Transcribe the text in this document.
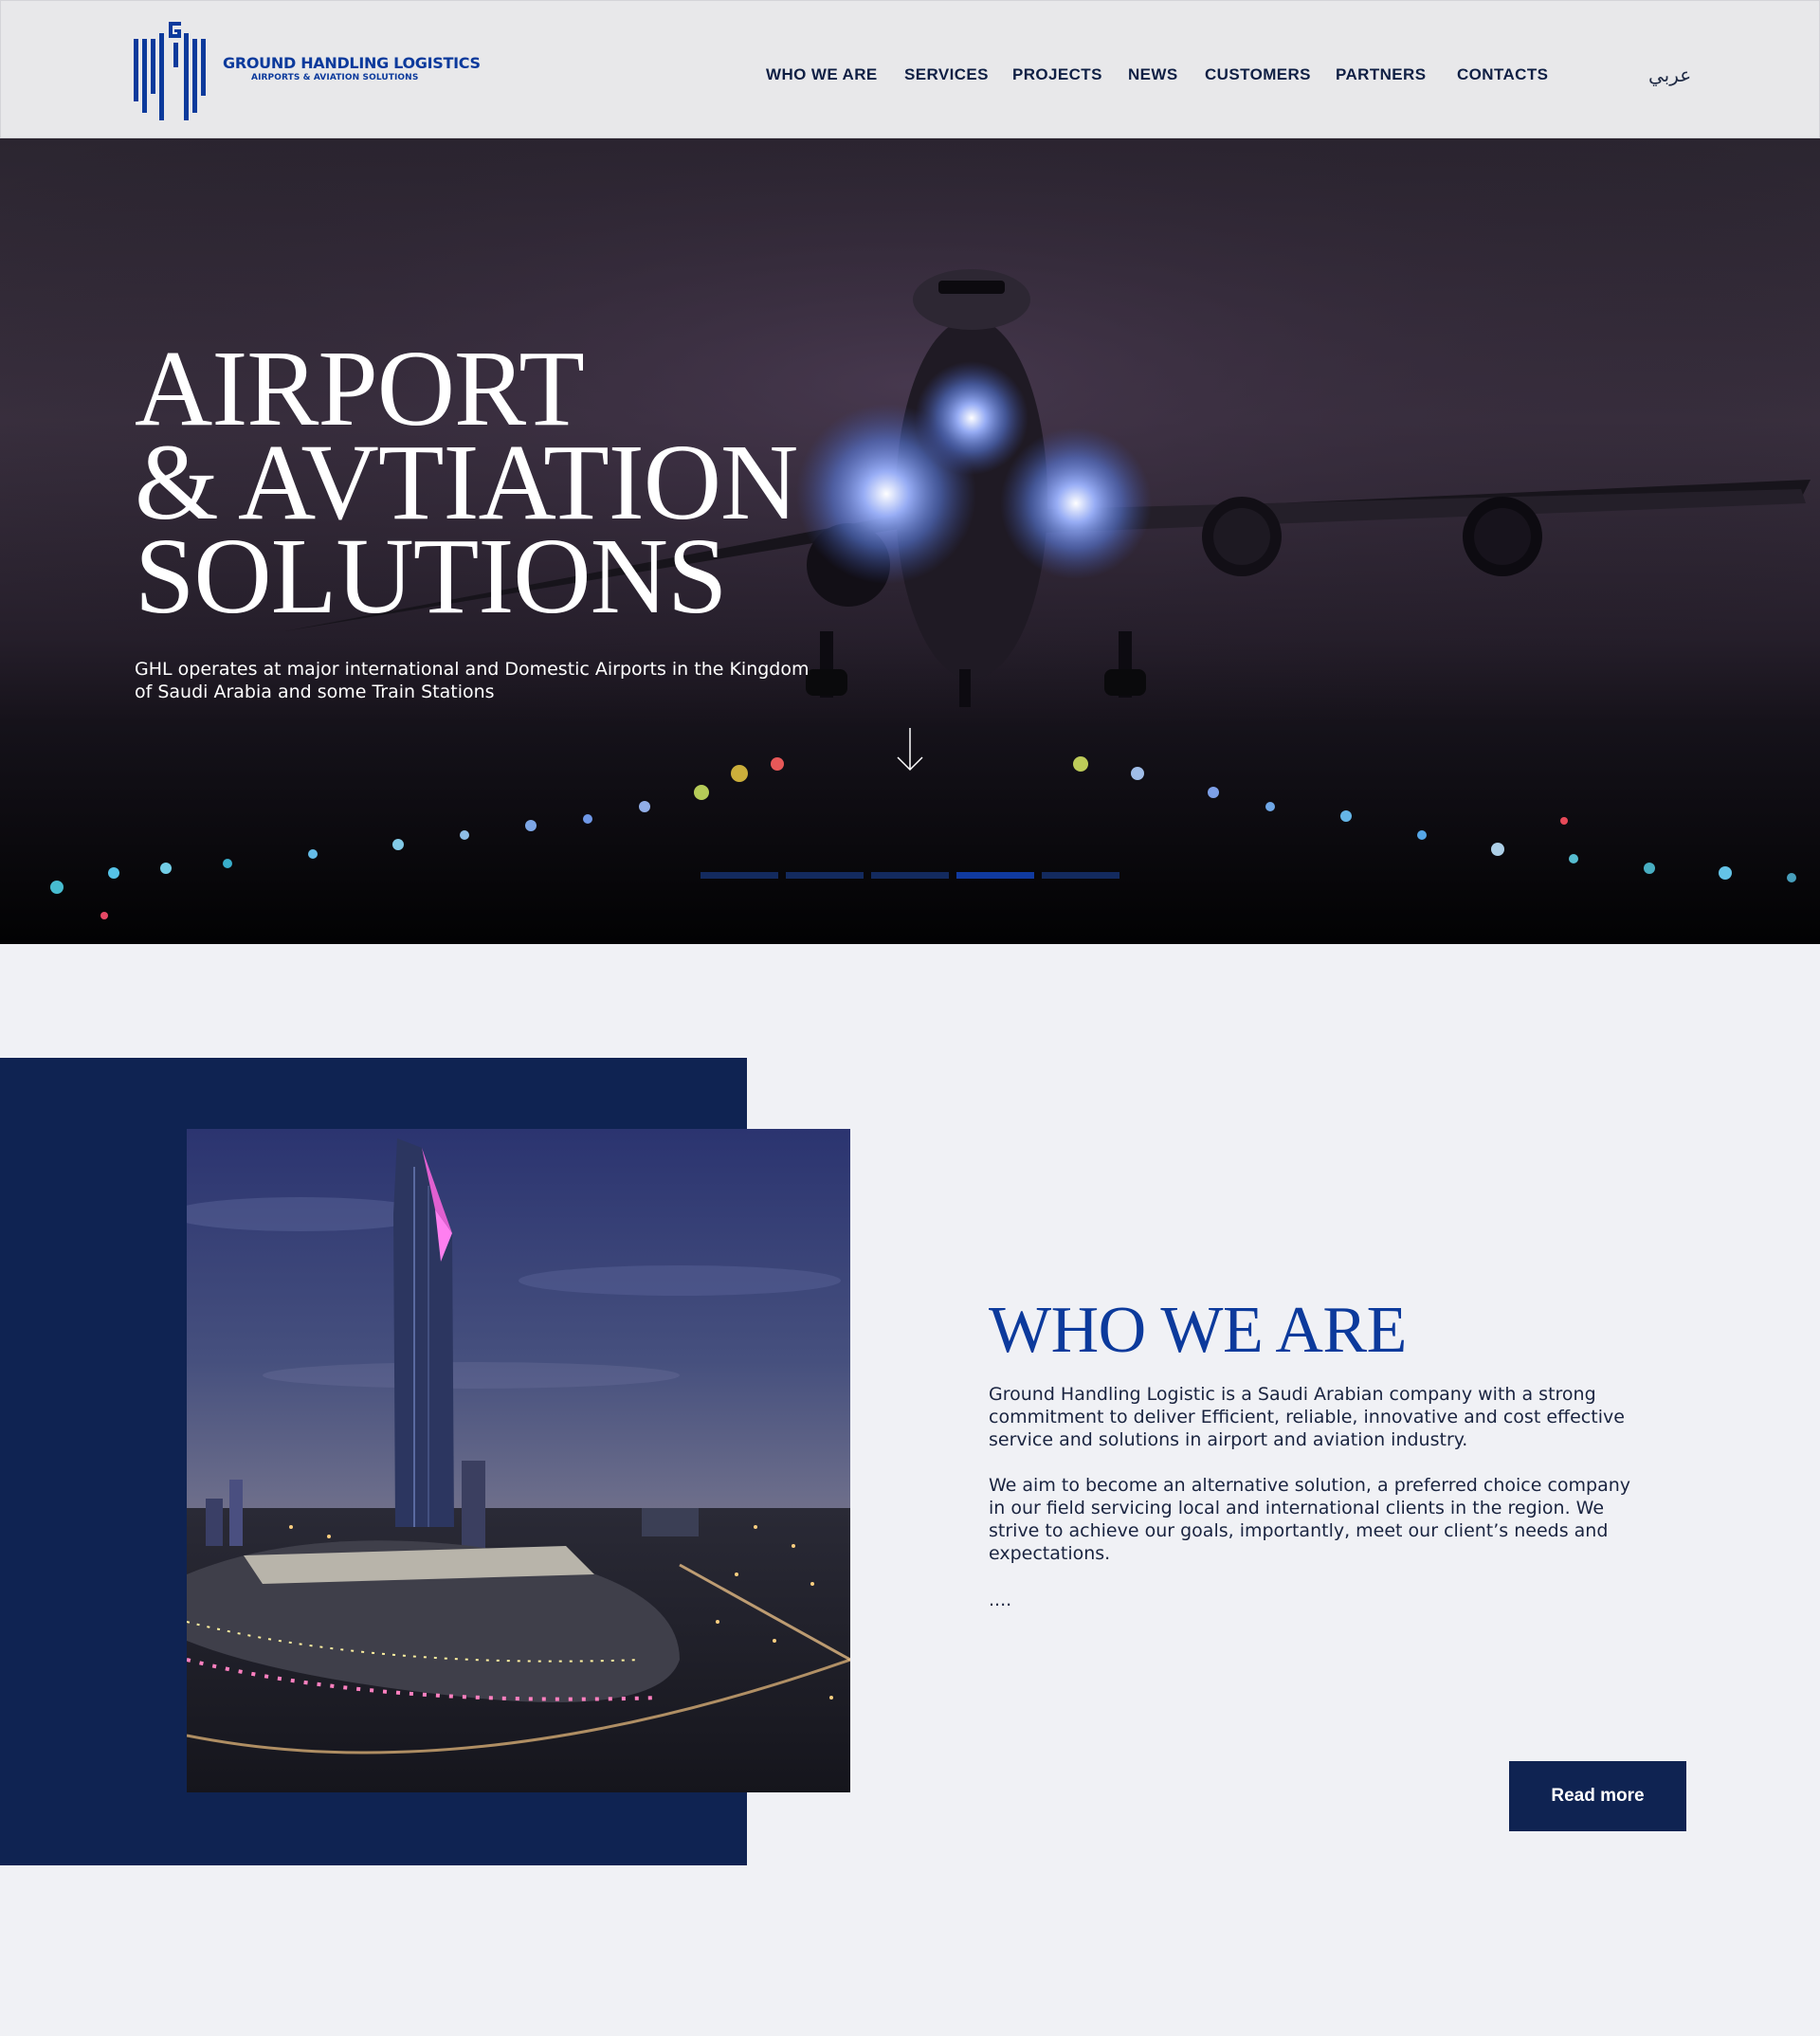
GROUND HANDLING LOGISTICS
AIRPORTS & AVIATION SOLUTIONS	WHO WE ARE SERVICES PROJECTS NEWS CUSTOMERS PARTNERS CONTACTS	عربي
AIRPORT
& AVTIATION
SOLUTIONS
GHL operates at major international and Domestic Airports in the Kingdom of Saudi Arabia and some Train Stations
WHO WE ARE
Ground Handling Logistic is a Saudi Arabian company with a strong commitment to deliver Efficient, reliable, innovative and cost effective service and solutions in airport and aviation industry.
We aim to become an alternative solution, a preferred choice company in our field servicing local and international clients in the region. We strive to achieve our goals, importantly, meet our client’s needs and expectations.
....
Read more
